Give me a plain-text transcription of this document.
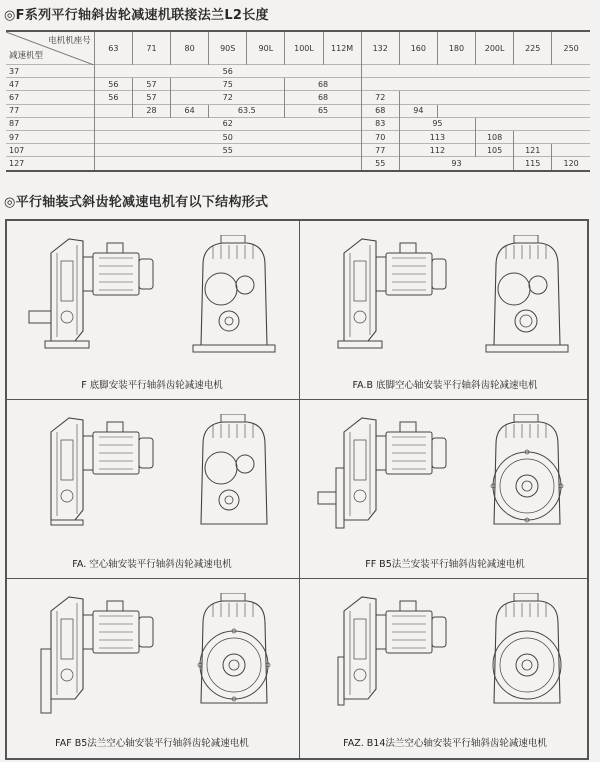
◎F系列平行轴斜齿轮减速机联接法兰L2长度
电机机座号
减速机型	63	71	80	90S	90L	100L	112M	132	160	180	200L	225	250
37	56												
47	56	57	75			68							
67	56	57	72			68		72					
77		28	64	63.5		65		68	94				
87	62							83	95				
97	50							70	113		108		
107	55							77	112		105	121	
127								55	93			115	120
◎平行轴装式斜齿轮减速电机有以下结构形式
F 底脚安装平行轴斜齿轮减速电机	FA.B 底脚空心轴安装平行轴斜齿轮减速电机
FA. 空心轴安装平行轴斜齿轮减速电机	FF B5法兰安装平行轴斜齿轮减速电机
FAF B5法兰空心轴安装平行轴斜齿轮减速电机	FAZ. B14法兰空心轴安装平行轴斜齿轮减速电机
